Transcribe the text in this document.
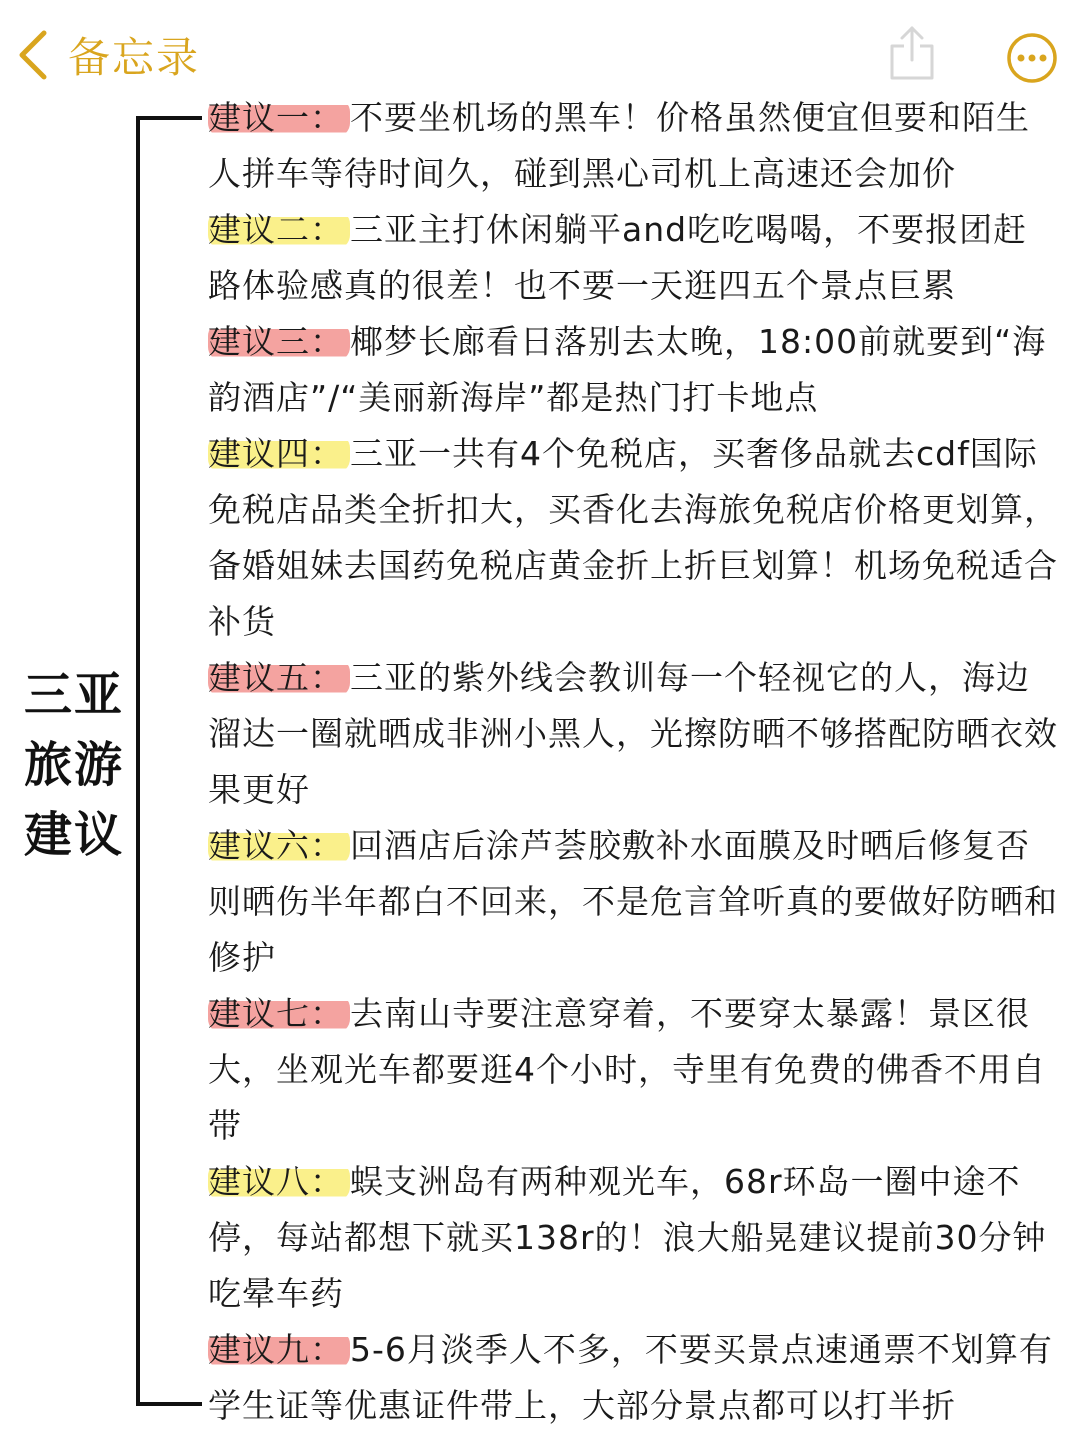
备忘录
三亚
旅游
建议

建议一： 不要坐机场的黑车！价格虽然便宜但要和陌生人拼车等待时间久，碰到黑心司机上高速还会加价

建议二： 三亚主打休闲躺平and吃吃喝喝，不要报团赶路体验感真的很差！也不要一天逛四五个景点巨累

建议三： 椰梦长廊看日落别去太晚，18:00前就要到“海韵酒店”/“美丽新海岸”都是热门打卡地点

建议四： 三亚一共有4个免税店，买奢侈品就去cdf国际免税店品类全折扣大，买香化去海旅免税店价格更划算，备婚姐妹去国药免税店黄金折上折巨划算！机场免税适合补货

建议五： 三亚的紫外线会教训每一个轻视它的人，海边溜达一圈就晒成非洲小黑人，光擦防晒不够搭配防晒衣效果更好

建议六： 回酒店后涂芦荟胶敷补水面膜及时晒后修复否则晒伤半年都白不回来，不是危言耸听真的要做好防晒和修护

建议七： 去南山寺要注意穿着，不要穿太暴露！景区很大，坐观光车都要逛4个小时，寺里有免费的佛香不用自带

建议八： 蜈支洲岛有两种观光车，68r环岛一圈中途不停，每站都想下就买138r的！浪大船晃建议提前30分钟吃晕车药

建议九： 5-6月淡季人不多，不要买景点速通票不划算有学生证等优惠证件带上，大部分景点都可以打半折
